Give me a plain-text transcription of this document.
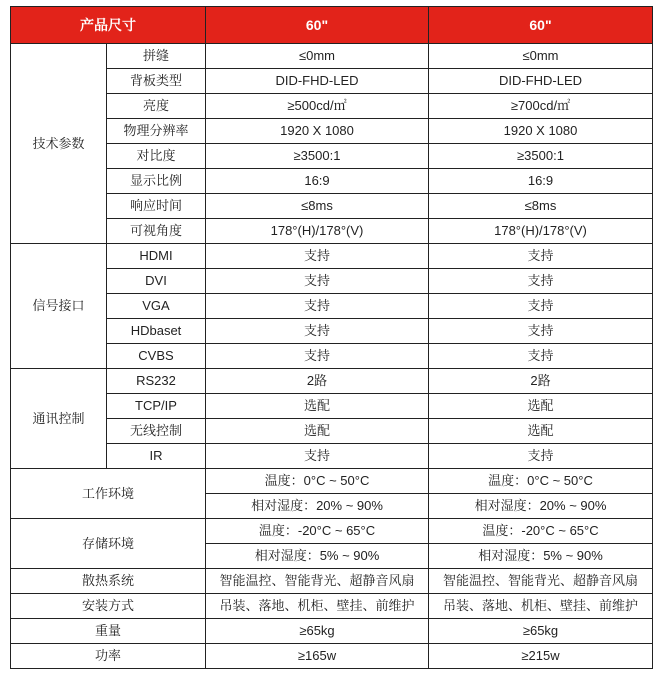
产品尺寸		60"	60"
技术参数	拼缝	≤0mm	≤0mm
	背板类型	DID-FHD-LED	DID-FHD-LED
	亮度	≥500cd/㎡	≥700cd/㎡
	物理分辨率	1920 X 1080	1920 X 1080
	对比度	≥3500:1	≥3500:1
	显示比例	16:9	16:9
	响应时间	≤8ms	≤8ms
	可视角度	178°(H)/178°(V)	178°(H)/178°(V)
信号接口	HDMI	支持	支持
	DVI	支持	支持
	VGA	支持	支持
	HDbaset	支持	支持
	CVBS	支持	支持
通讯控制	RS232	2路	2路
	TCP/IP	选配	选配
	无线控制	选配	选配
	IR	支持	支持
工作环境		温度：0°C ~ 50°C	温度：0°C ~ 50°C
		相对湿度：20% ~ 90%	相对湿度：20% ~ 90%
存储环境		温度：-20°C ~ 65°C	温度：-20°C ~ 65°C
		相对湿度：5% ~ 90%	相对湿度：5% ~ 90%
散热系统		智能温控、智能背光、超静音风扇	智能温控、智能背光、超静音风扇
安装方式		吊装、落地、机柜、壁挂、前维护	吊装、落地、机柜、壁挂、前维护
重量		≥65kg	≥65kg
功率		≥165w	≥215w
